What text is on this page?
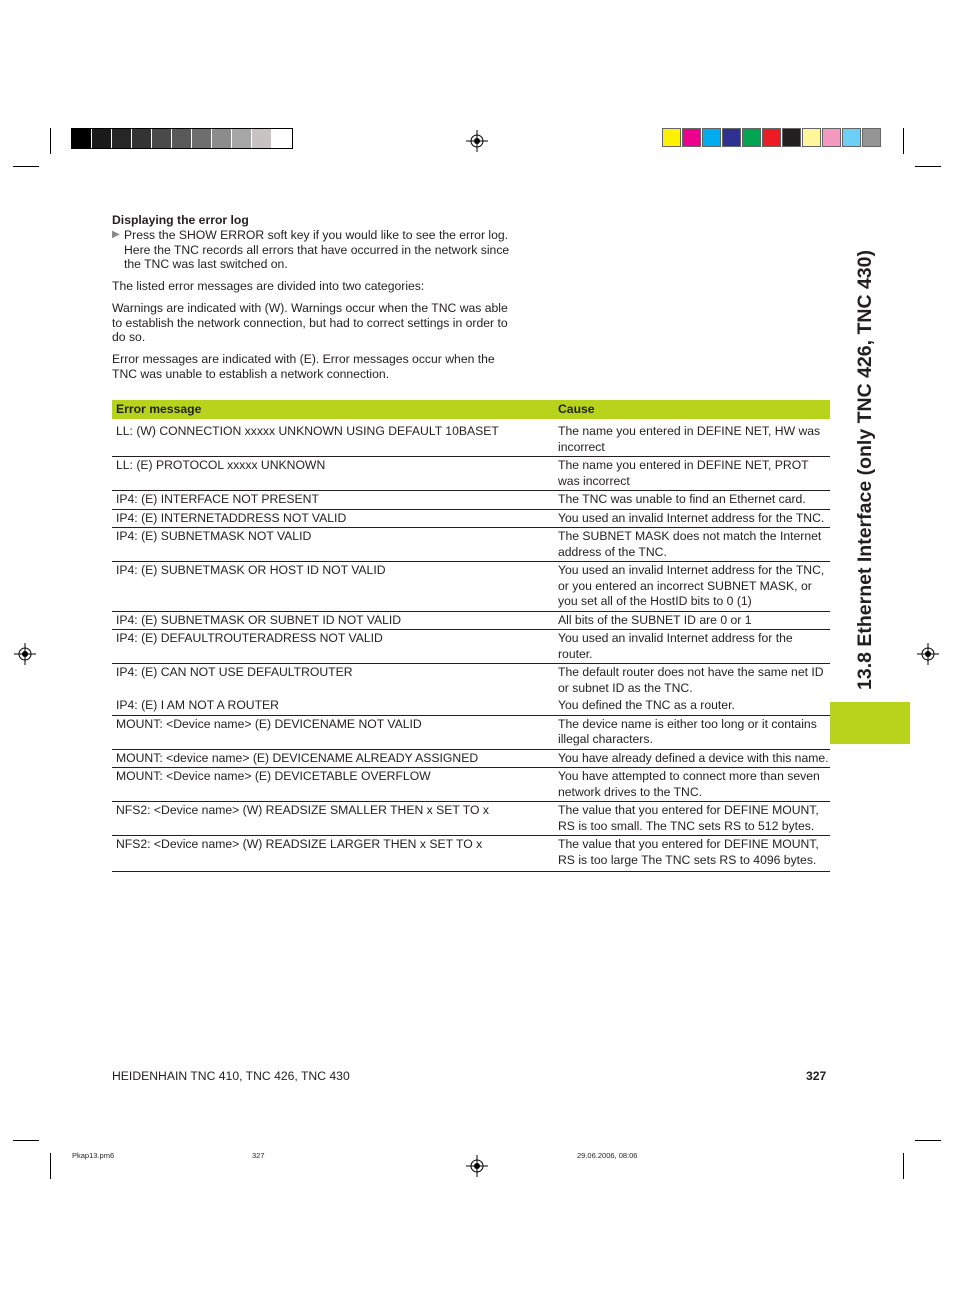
Displaying the error log
▶ Press the SHOW ERROR soft key if you would like to see the error log. Here the TNC records all errors that have occurred in the network since the TNC was last switched on.
The listed error messages are divided into two categories:
Warnings are indicated with (W). Warnings occur when the TNC was able to establish the network connection, but had to correct settings in order to do so.
Error messages are indicated with (E). Error messages occur when the TNC was unable to establish a network connection.
Error message	Cause
LL: (W) CONNECTION xxxxx UNKNOWN USING DEFAULT 10BASET	The name you entered in DEFINE NET, HW was incorrect
LL: (E) PROTOCOL xxxxx UNKNOWN	The name you entered in DEFINE NET, PROT was incorrect
IP4: (E) INTERFACE NOT PRESENT	The TNC was unable to find an Ethernet card.
IP4: (E) INTERNETADDRESS NOT VALID	You used an invalid Internet address for the TNC.
IP4: (E) SUBNETMASK NOT VALID	The SUBNET MASK does not match the Internet address of the TNC.
IP4: (E) SUBNETMASK OR HOST ID NOT VALID	You used an invalid Internet address for the TNC, or you entered an incorrect SUBNET MASK, or you set all of the HostID bits to 0 (1)
IP4: (E) SUBNETMASK OR SUBNET ID NOT VALID	All bits of the SUBNET ID are 0 or 1
IP4: (E) DEFAULTROUTERADRESS NOT VALID	You used an invalid Internet address for the router.
IP4: (E) CAN NOT USE DEFAULTROUTER	The default router does not have the same net ID or subnet ID as the TNC.
IP4: (E) I AM NOT A ROUTER	You defined the TNC as a router.
MOUNT: <Device name> (E) DEVICENAME NOT VALID	The device name is either too long or it contains illegal characters.
MOUNT: <device name> (E) DEVICENAME ALREADY ASSIGNED	You have already defined a device with this name.
MOUNT: <Device name> (E) DEVICETABLE OVERFLOW	You have attempted to connect more than seven network drives to the TNC.
NFS2: <Device name> (W) READSIZE SMALLER THEN x SET TO x	The value that you entered for DEFINE MOUNT, RS is too small. The TNC sets RS to 512 bytes.
NFS2: <Device name> (W) READSIZE LARGER THEN x SET TO x	The value that you entered for DEFINE MOUNT, RS is too large The TNC sets RS to 4096 bytes.
13.8 Ethernet Interface (only TNC 426, TNC 430)
HEIDENHAIN TNC 410, TNC 426, TNC 430	327
Pkap13.pm6	327	29.06.2006, 08:06
